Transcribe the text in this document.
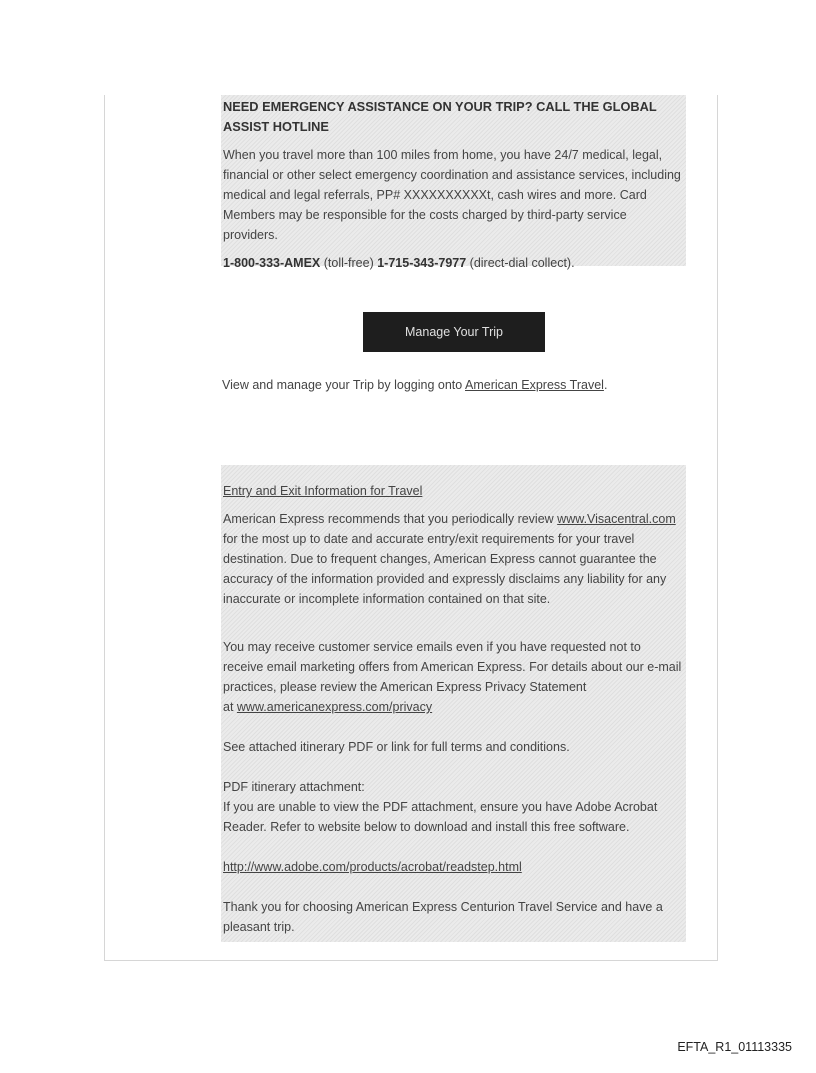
NEED EMERGENCY ASSISTANCE ON YOUR TRIP? CALL THE GLOBAL ASSIST HOTLINE

When you travel more than 100 miles from home, you have 24/7 medical, legal, financial or other select emergency coordination and assistance services, including medical and legal referrals, PP# XXXXXXXXXXt, cash wires and more. Card Members may be responsible for the costs charged by third-party service providers.

1-800-333-AMEX (toll-free) 1-715-343-7977 (direct-dial collect).

Manage Your Trip
View and manage your Trip by logging onto American Express Travel.

Entry and Exit Information for Travel

American Express recommends that you periodically review www.Visacentral.com for the most up to date and accurate entry/exit requirements for your travel destination. Due to frequent changes, American Express cannot guarantee the accuracy of the information provided and expressly disclaims any liability for any inaccurate or incomplete information contained on that site.

You may receive customer service emails even if you have requested not to receive email marketing offers from American Express. For details about our e-mail practices, please review the American Express Privacy Statement

at www.americanexpress.com/privacy

See attached itinerary PDF or link for full terms and conditions.

PDF itinerary attachment:

If you are unable to view the PDF attachment, ensure you have Adobe Acrobat Reader. Refer to website below to download and install this free software.

http://www.adobe.com/products/acrobat/readstep.html

Thank you for choosing American Express Centurion Travel Service and have a pleasant trip.

EFTA_R1_01113335
